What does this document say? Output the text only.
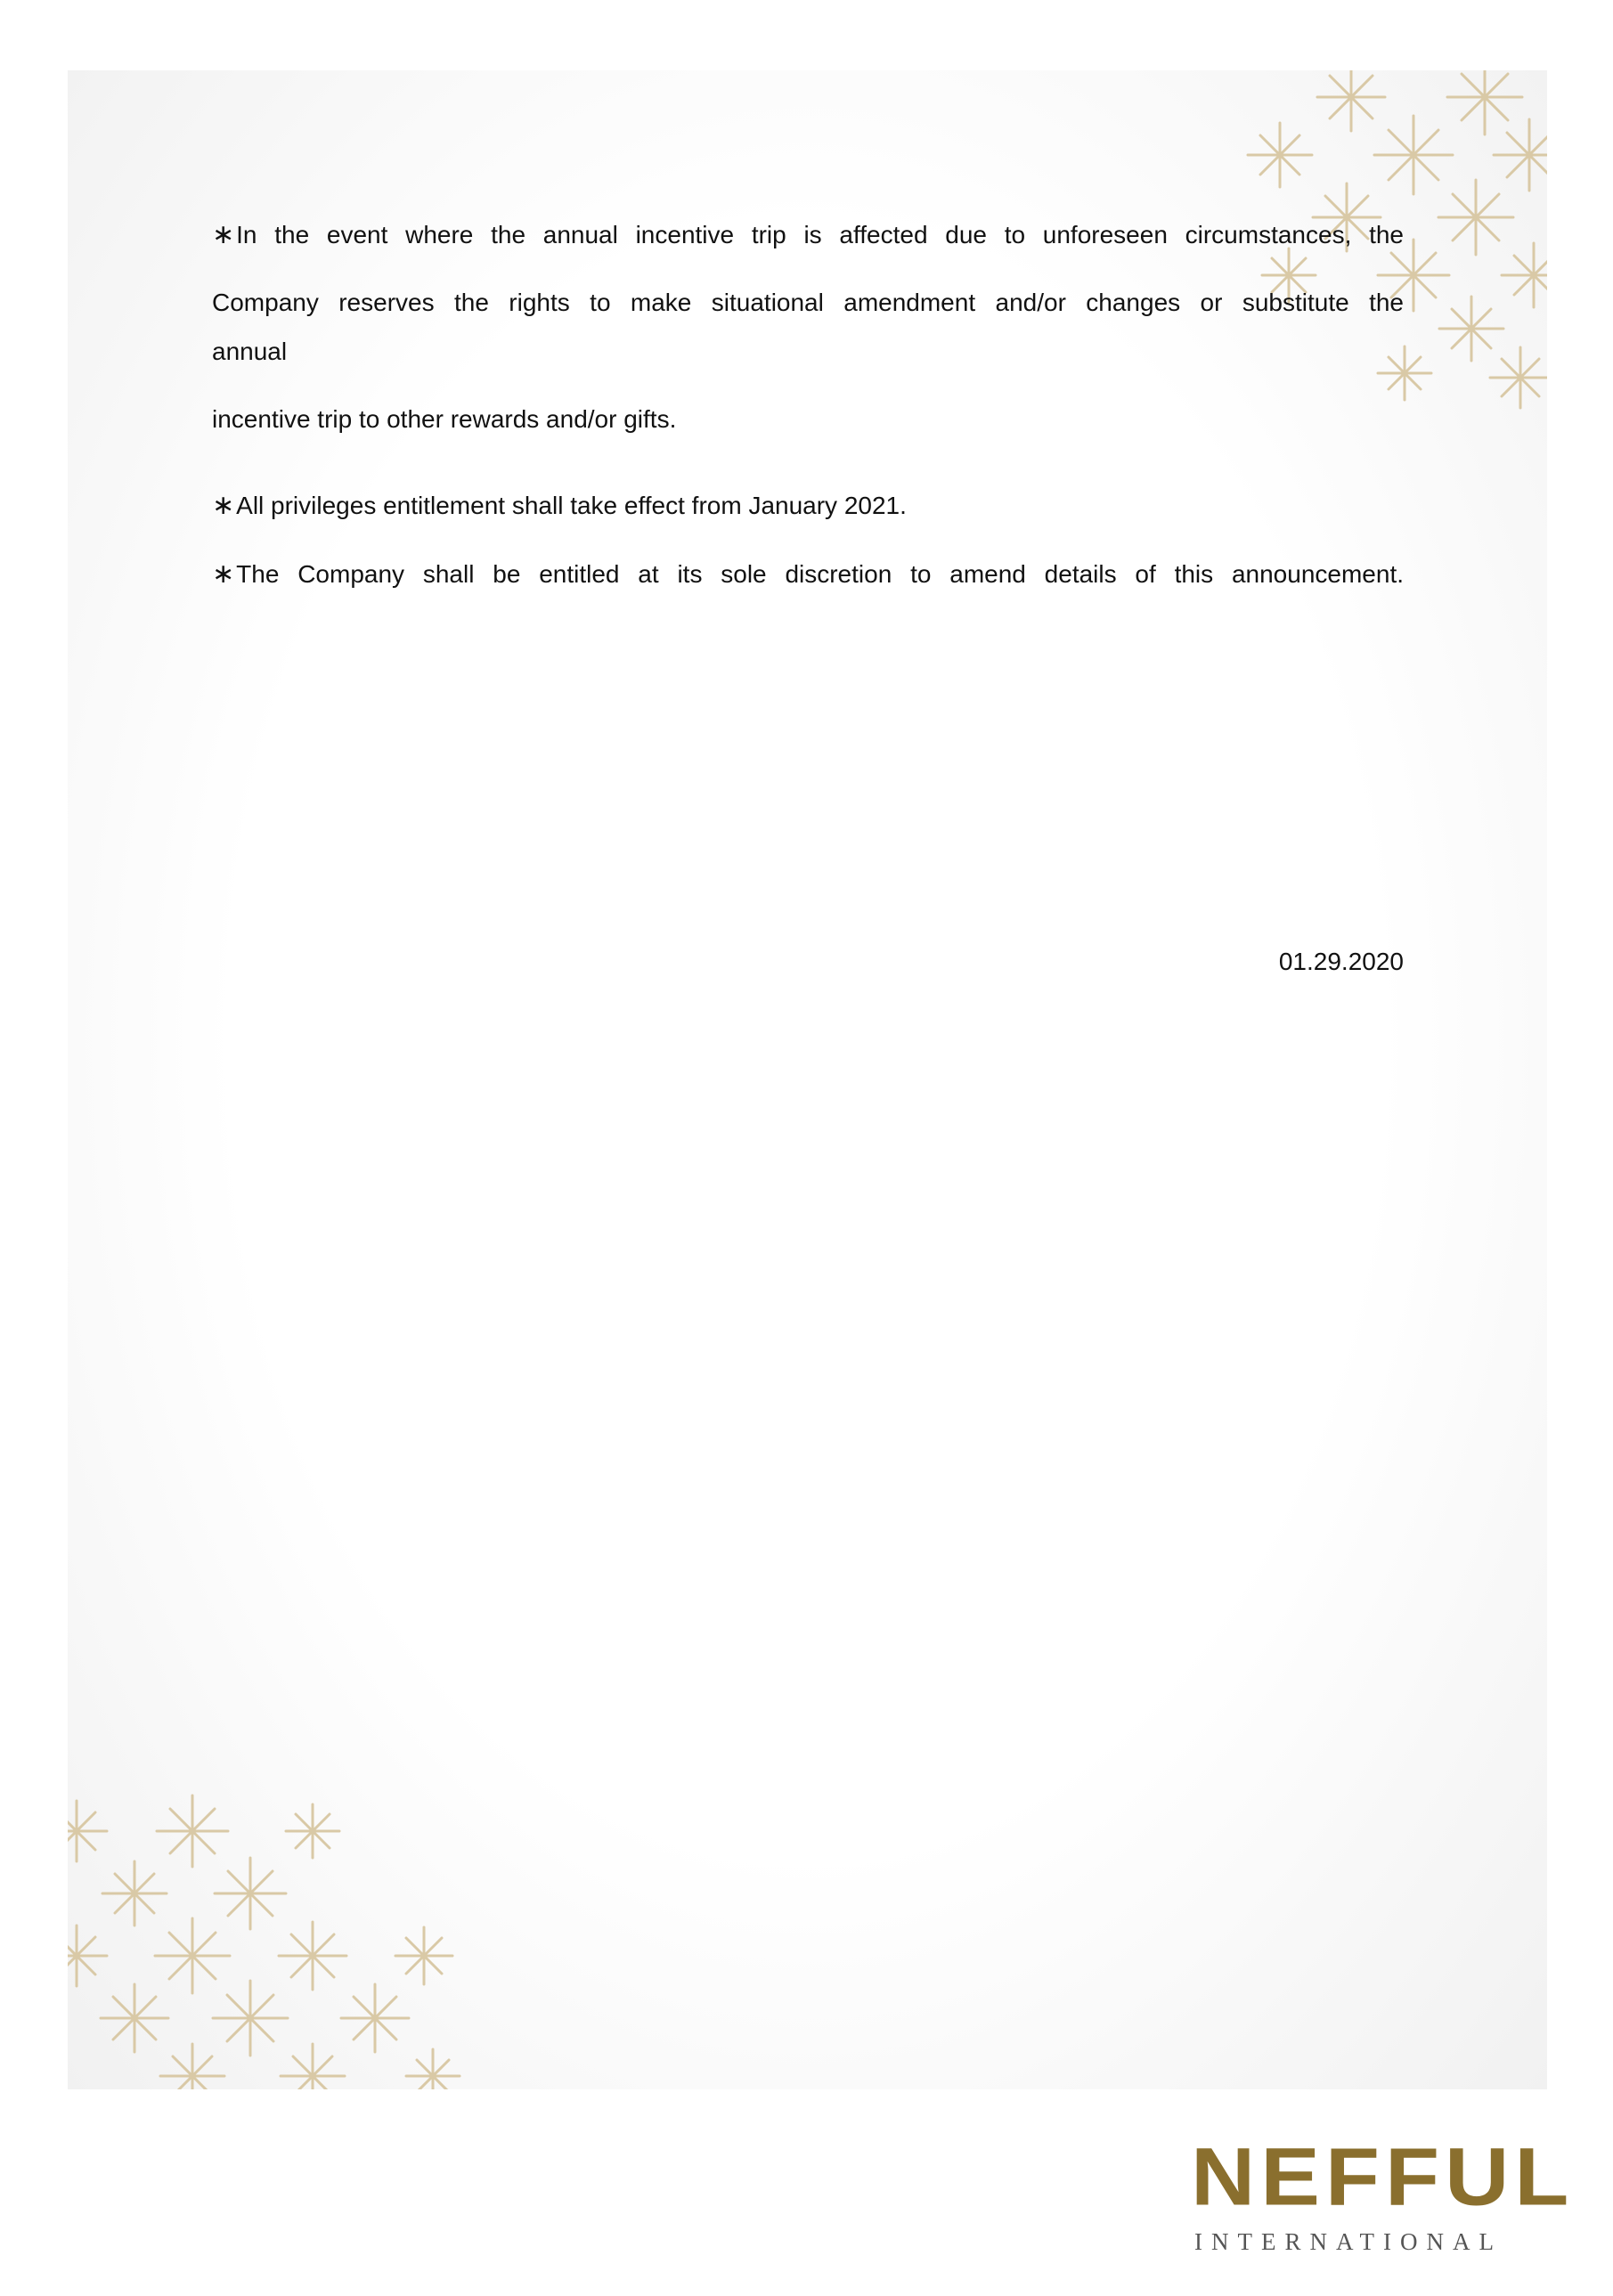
∗In the event where the annual incentive trip is affected due to unforeseen circumstances, the
Company reserves the rights to make situational amendment and/or changes or substitute the
annual
incentive trip to other rewards and/or gifts.
∗All privileges entitlement shall take effect from January 2021.
∗The Company shall be entitled at its sole discretion to amend details of this announcement.
01.29.2020
NEFFUL
INTERNATIONAL
